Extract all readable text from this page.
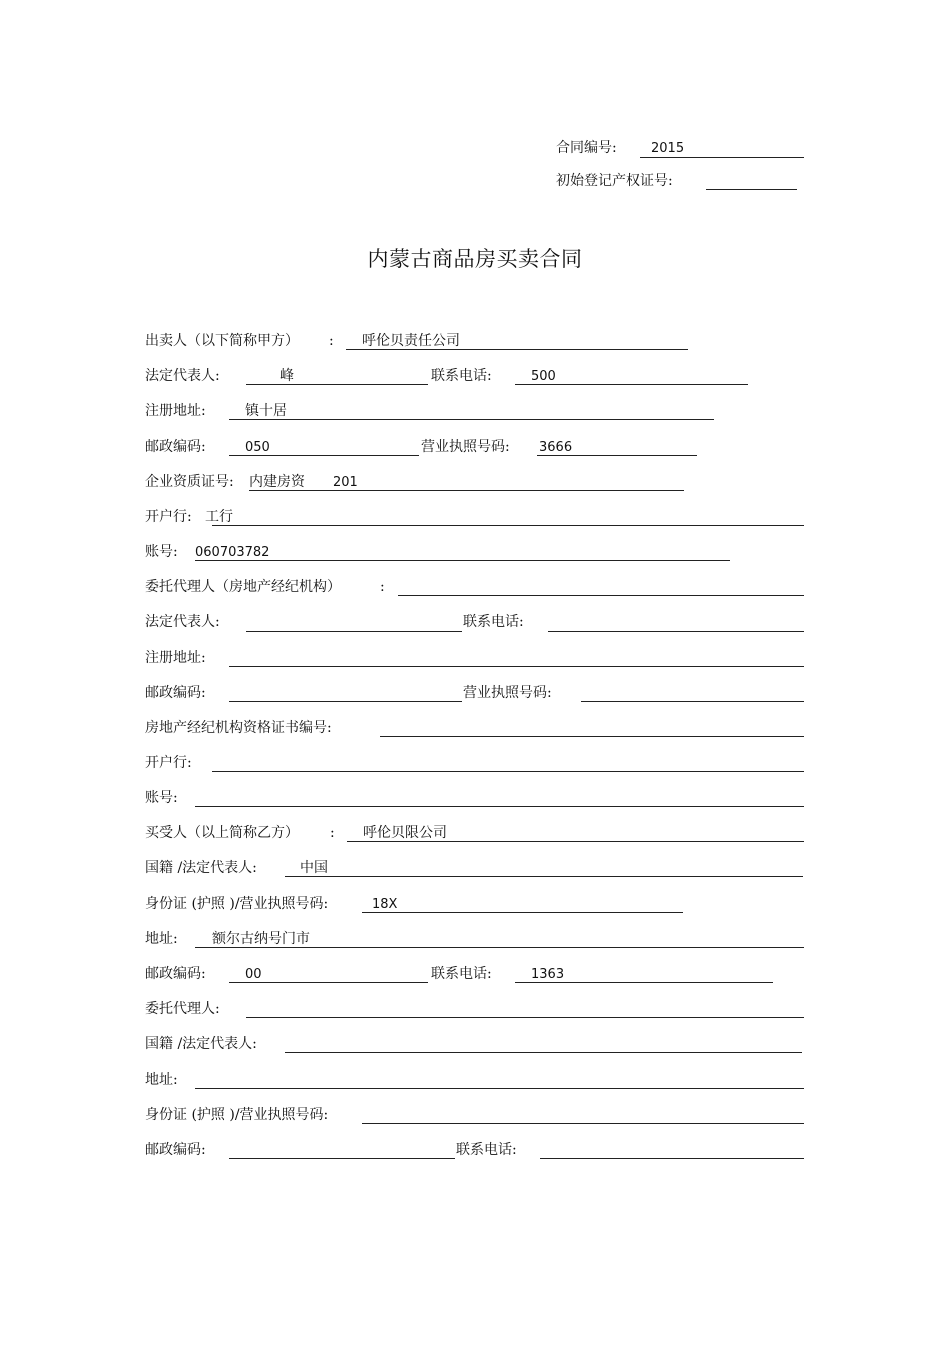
合同编号:	2015
初始登记产权证号:
内蒙古商品房买卖合同
出卖人（以下简称甲方） : 呼伦贝责任公司
法定代表人:	峰	联系电话:	500
注册地址:	镇十居
邮政编码:	050	营业执照号码: 3666
企业资质证号: 内建房资 201
开户行: 工行
账号: 060703782
委托代理人（房地产经纪机构）	:
法定代表人:	联系电话:
注册地址:
邮政编码:	营业执照号码:
房地产经纪机构资格证书编号:
开户行:
账号:
买受人（以上简称乙方） : 呼伦贝限公司
国籍 /法定代表人:	中国
身份证 (护照 )/营业执照号码:	18X
地址: 额尔古纳号门市
邮政编码:	00	联系电话:	1363
委托代理人:
国籍 /法定代表人:
地址:
身份证 (护照 )/营业执照号码:
邮政编码:	联系电话:
